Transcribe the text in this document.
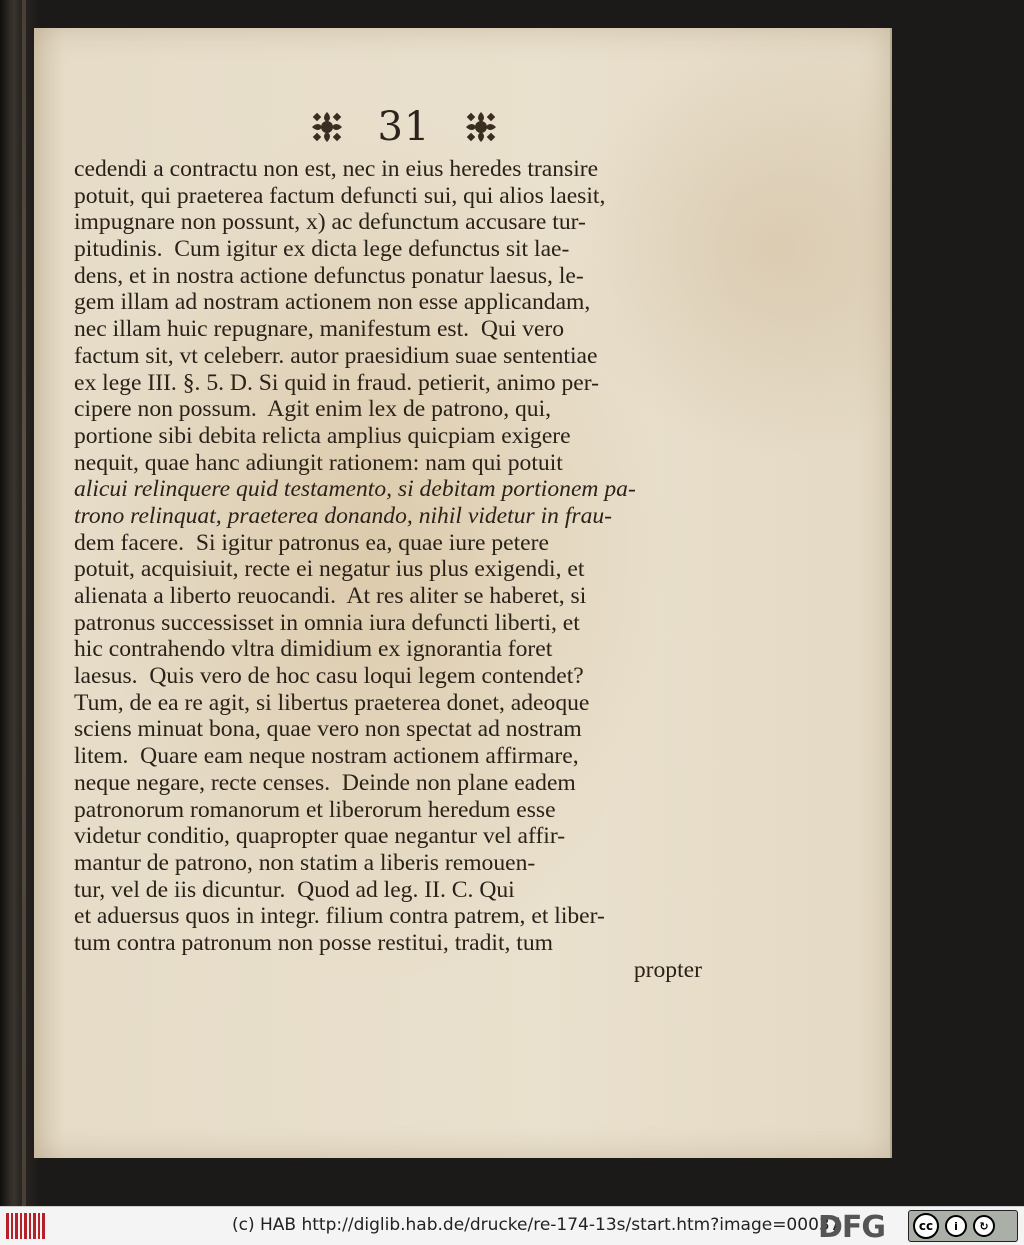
31
cedendi a contractu non est, nec in eius heredes transire
potuit, qui praeterea factum defuncti sui, qui alios laesit,
impugnare non possunt, x) ac defunctum accusare tur-
pitudinis.  Cum igitur ex dicta lege defunctus sit lae-
dens, et in nostra actione defunctus ponatur laesus, le-
gem illam ad nostram actionem non esse applicandam,
nec illam huic repugnare, manifestum est.  Qui vero
factum sit, vt celeberr. autor praesidium suae sententiae
ex lege III. §. 5. D. Si quid in fraud. petierit, animo per-
cipere non possum.  Agit enim lex de patrono, qui,
portione sibi debita relicta amplius quicpiam exigere
nequit, quae hanc adiungit rationem: nam qui potuit
alicui relinquere quid testamento, si debitam portionem pa-
trono relinquat, praeterea donando, nihil videtur in frau-
dem facere.  Si igitur patronus ea, quae iure petere
potuit, acquisiuit, recte ei negatur ius plus exigendi, et
alienata a liberto reuocandi.  At res aliter se haberet, si
patronus successisset in omnia iura defuncti liberti, et
hic contrahendo vltra dimidium ex ignorantia foret
laesus.  Quis vero de hoc casu loqui legem contendet?
Tum, de ea re agit, si libertus praeterea donet, adeoque
sciens minuat bona, quae vero non spectat ad nostram
litem.  Quare eam neque nostram actionem affirmare,
neque negare, recte censes.  Deinde non plane eadem
patronorum romanorum et liberorum heredum esse
videtur conditio, quapropter quae negantur vel affir-
mantur de patrono, non statim a liberis remouen-
tur, vel de iis dicuntur.  Quod ad leg. II. C. Qui
et aduersus quos in integr. filium contra patrem, et liber-
tum contra patronum non posse restitui, tradit, tum
propter
(c) HAB http://diglib.hab.de/drucke/re-174-13s/start.htm?image=00037
DFG	cc	i	↻
